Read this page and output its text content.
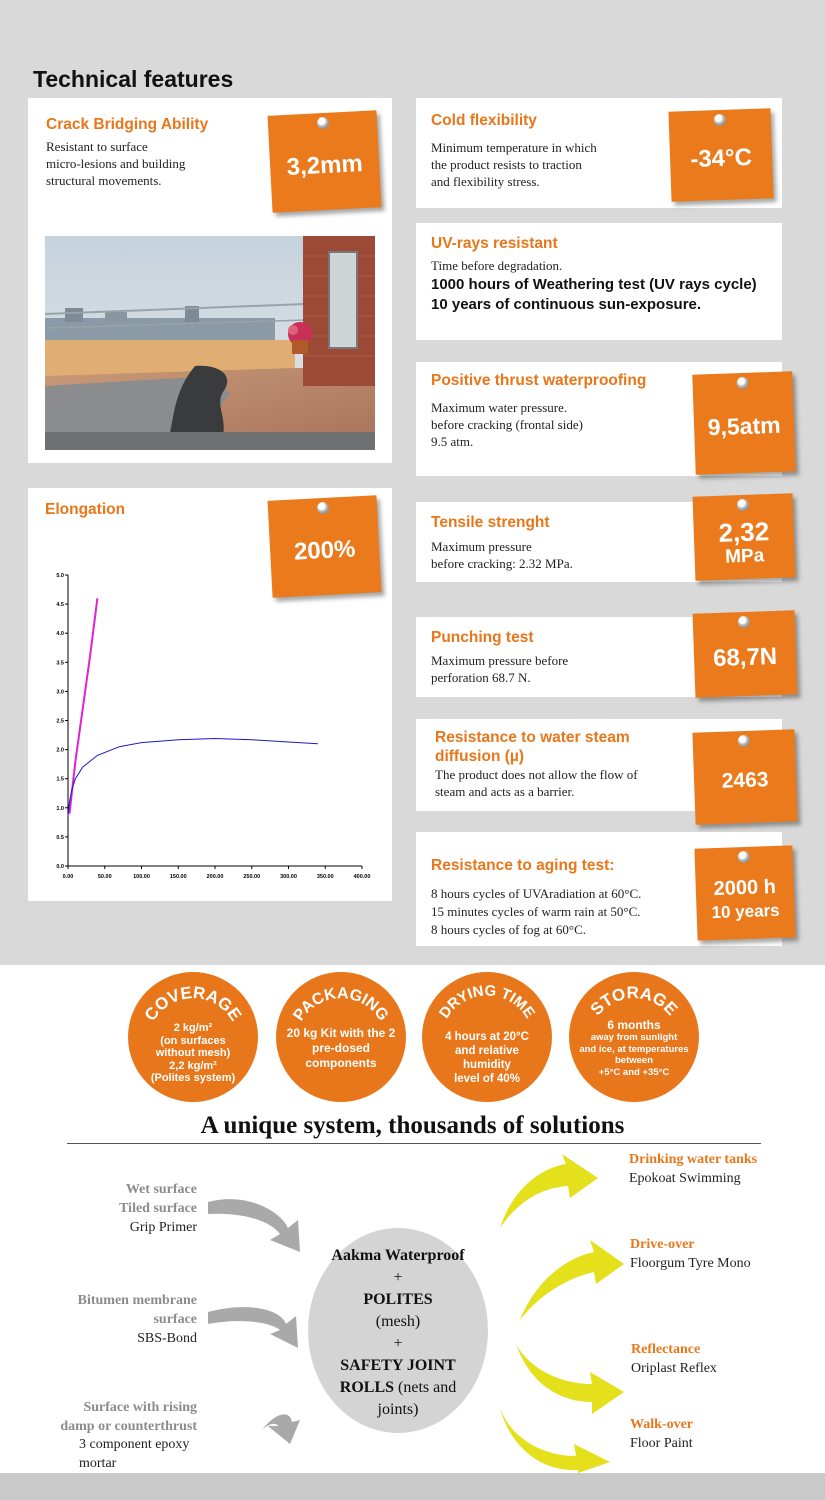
Technical features
Crack Bridging Ability
Resistant to surface
micro-lesions and building
structural movements.	3,2mm
Elongation
200%
0.0
0.5
1.0
1.5
2.0
2.5
3.0
3.5
4.0
4.5
5.0
0.00	50.00	100.00	150.00	200.00	250.00	300.00	350.00	400.00
Cold flexibility
Minimum temperature in which
the product resists to traction
and flexibility stress.
-34°C
UV-rays resistant
Time before degradation.
1000 hours of Weathering test (UV rays cycle)
10 years of continuous sun-exposure.
Positive thrust waterproofing
Maximum water pressure.
before cracking (frontal side)
9.5 atm.
9,5atm
Tensile strenght
Maximum pressure
before cracking: 2.32 MPa.
2,32
MPa
Punching test
Maximum pressure before
perforation 68.7 N.
68,7N
Resistance to water steam
diffusion (µ)
The product does not allow the flow of
steam and acts as a barrier.	2463
Resistance to aging test:
8 hours cycles of UVAradiation at 60°C.
15 minutes cycles of warm rain at 50°C.
8 hours cycles of fog at 60°C.
2000 h
10 years
COVERAGE
2 kg/m²
(on surfaces
without mesh)
2,2 kg/m²
(Polites system)
PACKAGING
20 kg Kit with the 2
pre-dosed
components
DRYING TIME
4 hours at 20°C
and relative humidity
level of 40%
STORAGE
6 months
away from sunlight
and ice, at temperatures
between
+5°C and +35°C
A unique system, thousands of solutions
Wet surface
Tiled surface
Grip Primer
Bitumen membrane
surface
SBS-Bond
Surface with rising
damp or counterthrust
3 component epoxy
mortar
Aakma Waterproof
+
POLITES
(mesh)
+
SAFETY JOINT
ROLLS (nets and
joints)
Drinking water tanks
Epokoat Swimming
Drive-over
Floorgum Tyre Mono
Reflectance
Oriplast Reflex
Walk-over
Floor Paint
